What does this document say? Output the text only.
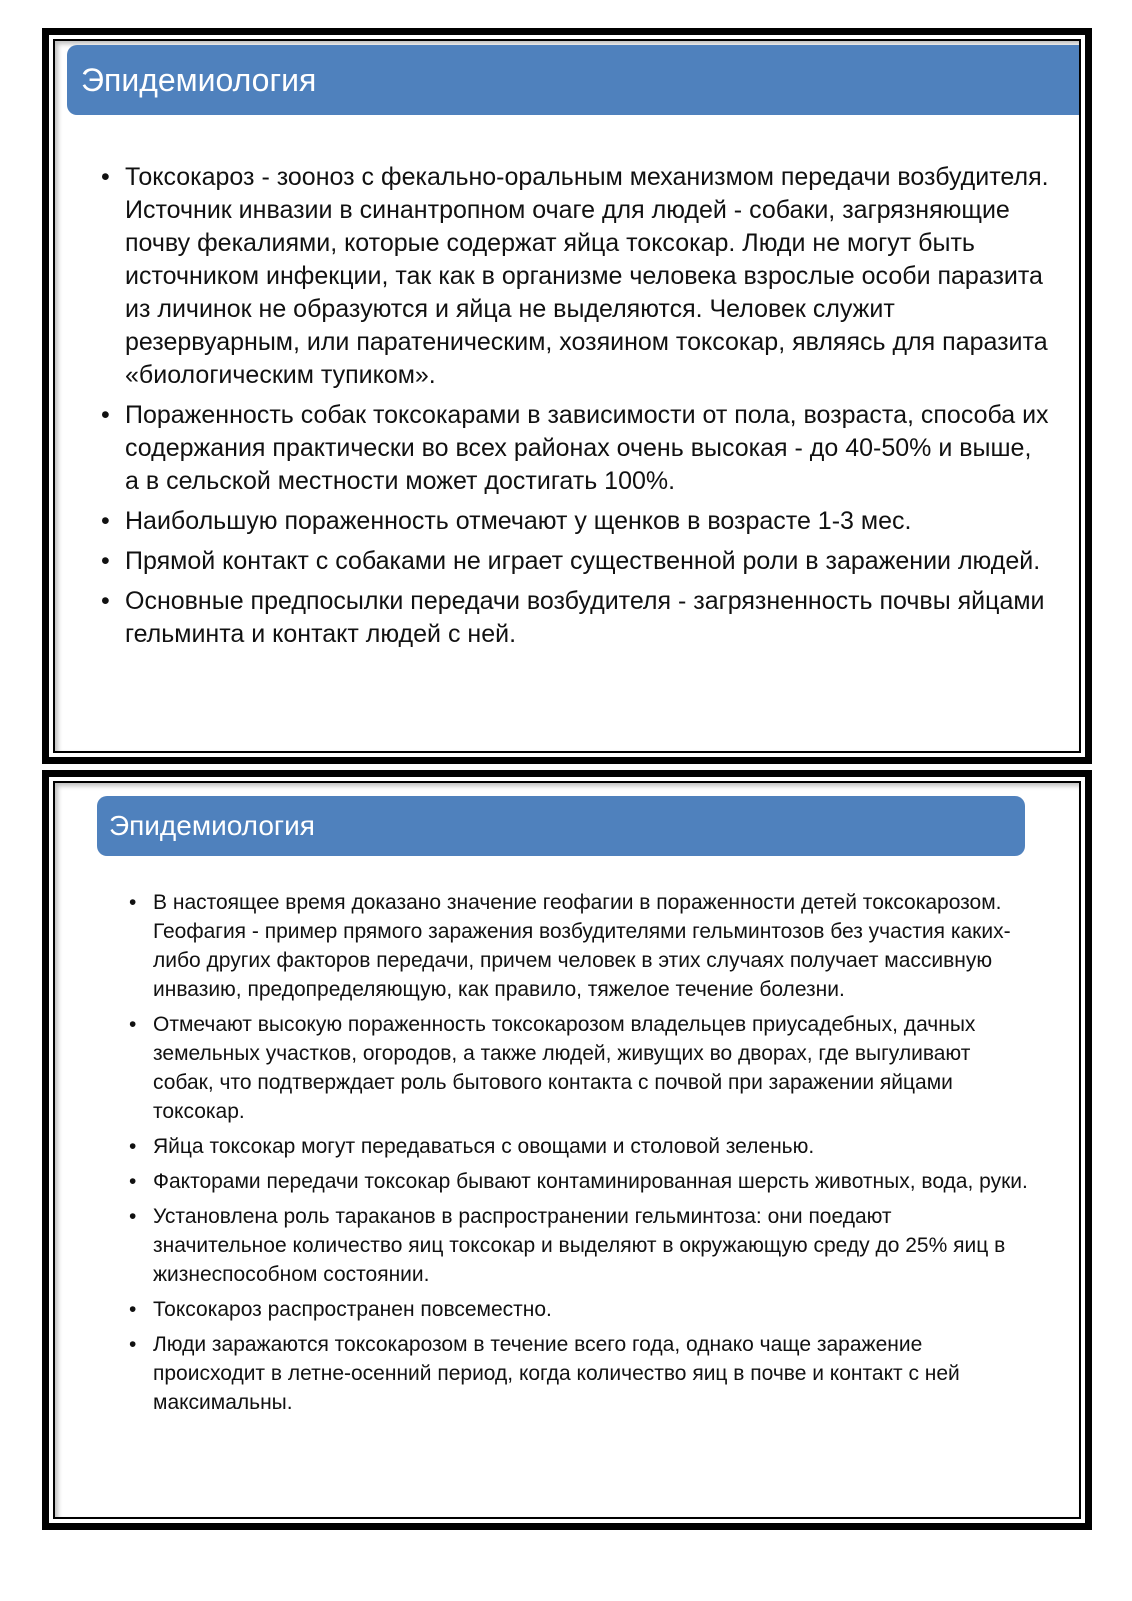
Эпидемиология
• Токсокароз - зооноз с фекально-оральным механизмом передачи возбудителя. Источник инвазии в синантропном очаге для людей - собаки, загрязняющие почву фекалиями, которые содержат яйца токсокар. Люди не могут быть источником инфекции, так как в организме человека взрослые особи паразита из личинок не образуются и яйца не выделяются. Человек служит резервуарным, или паратеническим, хозяином токсокар, являясь для паразита «биологическим тупиком».
• Пораженность собак токсокарами в зависимости от пола, возраста, способа их содержания практически во всех районах очень высокая - до 40-50% и выше, а в сельской местности может достигать 100%.
• Наибольшую пораженность отмечают у щенков в возрасте 1-3 мес.
• Прямой контакт с собаками не играет существенной роли в заражении людей.
• Основные предпосылки передачи возбудителя - загрязненность почвы яйцами гельминта и контакт людей с ней.
Эпидемиология
• В настоящее время доказано значение геофагии в пораженности детей токсокарозом. Геофагия - пример прямого заражения возбудителями гельминтозов без участия каких-либо других факторов передачи, причем человек в этих случаях получает массивную инвазию, предопределяющую, как правило, тяжелое течение болезни.
• Отмечают высокую пораженность токсокарозом владельцев приусадебных, дачных земельных участков, огородов, а также людей, живущих во дворах, где выгуливают собак, что подтверждает роль бытового контакта с почвой при заражении яйцами токсокар.
• Яйца токсокар могут передаваться с овощами и столовой зеленью.
• Факторами передачи токсокар бывают контаминированная шерсть животных, вода, руки.
• Установлена роль тараканов в распространении гельминтоза: они поедают значительное количество яиц токсокар и выделяют в окружающую среду до 25% яиц в жизнеспособном состоянии.
• Токсокароз распространен повсеместно.
• Люди заражаются токсокарозом в течение всего года, однако чаще заражение происходит в летне-осенний период, когда количество яиц в почве и контакт с ней максимальны.
